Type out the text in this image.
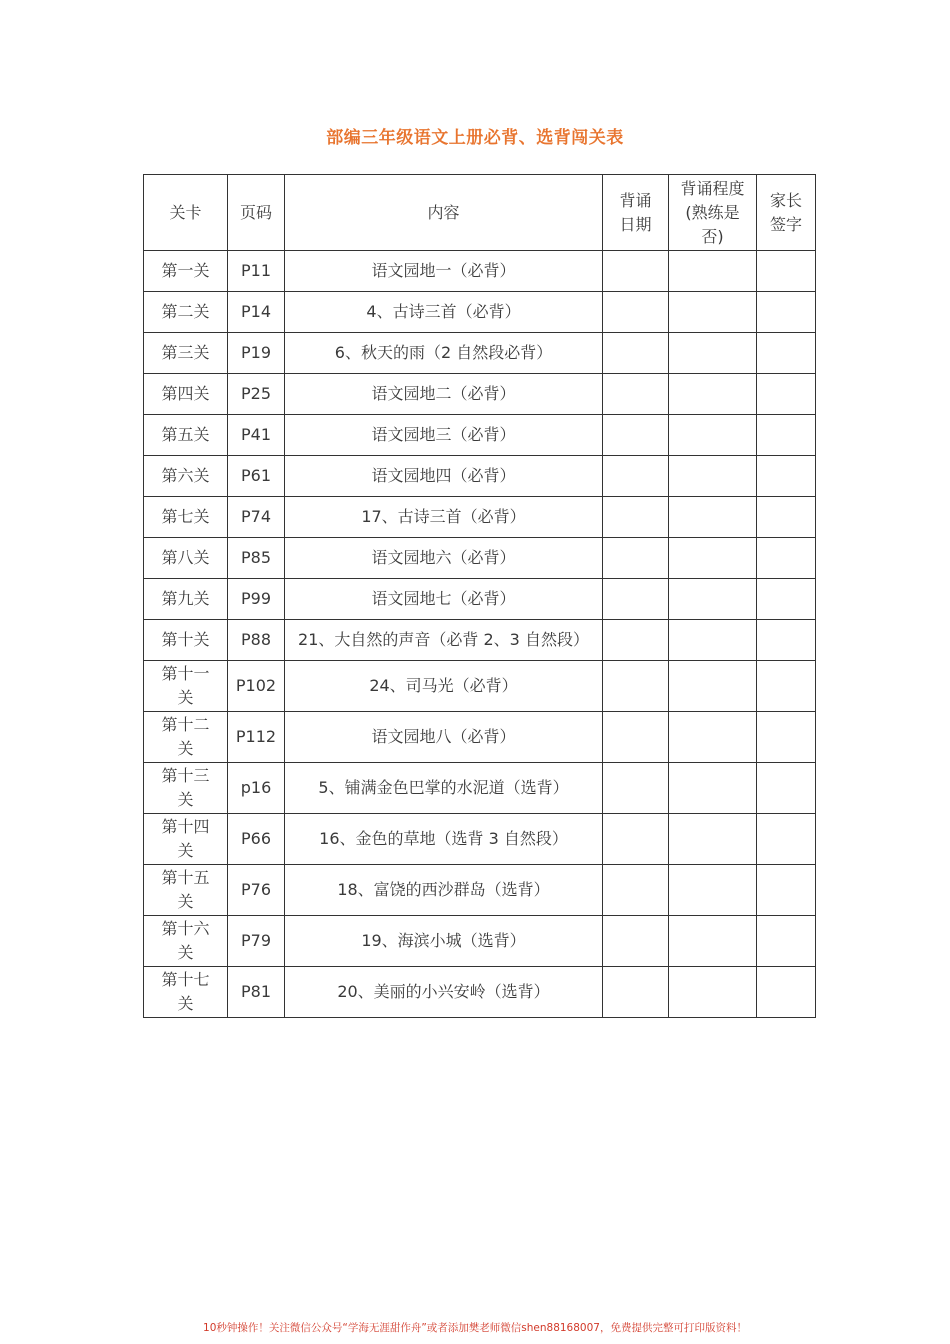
部编三年级语文上册必背、选背闯关表
关卡	页码	内容	背诵日期	背诵程度(熟练是否)	家长签字
第一关	P11	语文园地一（必背）			
第二关	P14	4、古诗三首（必背）			
第三关	P19	6、秋天的雨（2 自然段必背）			
第四关	P25	语文园地二（必背）			
第五关	P41	语文园地三（必背）			
第六关	P61	语文园地四（必背）			
第七关	P74	17、古诗三首（必背）			
第八关	P85	语文园地六（必背）			
第九关	P99	语文园地七（必背）			
第十关	P88	21、大自然的声音（必背 2、3 自然段）			
第十一关	P102	24、司马光（必背）			
第十二关	P112	语文园地八（必背）			
第十三关	p16	5、铺满金色巴掌的水泥道（选背）			
第十四关	P66	16、金色的草地（选背 3 自然段）			
第十五关	P76	18、富饶的西沙群岛（选背）			
第十六关	P79	19、海滨小城（选背）			
第十七关	P81	20、美丽的小兴安岭（选背）			
10秒钟操作！关注微信公众号“学海无涯甜作舟”或者添加樊老师微信shen88168007，免费提供完整可打印版资料！
